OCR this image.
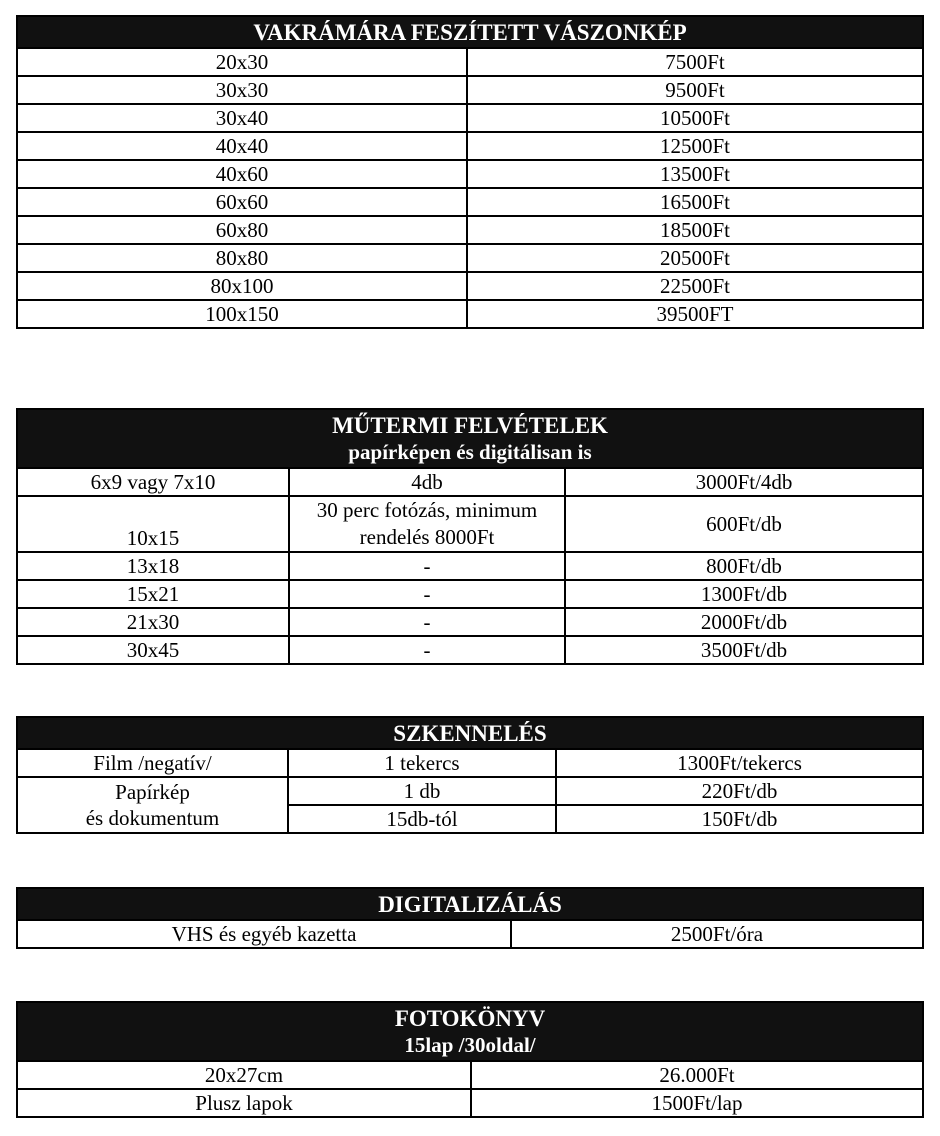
VAKRÁMÁRA FESZÍTETT VÁSZONKÉP	
20x30	7500Ft
30x30	9500Ft
30x40	10500Ft
40x40	12500Ft
40x60	13500Ft
60x60	16500Ft
60x80	18500Ft
80x80	20500Ft
80x100	22500Ft
100x150	39500FT
MŰTERMI FELVÉTELEK
papírképen és digitálisan is		

6x9 vagy 7x10	4db	3000Ft/4db
10x15	30 perc fotózás, minimum rendelés 8000Ft	600Ft/db
13x18	-	800Ft/db
15x21	-	1300Ft/db
21x30	-	2000Ft/db
30x45	-	3500Ft/db
SZKENNELÉS		
Film /negatív/	1 tekercs	1300Ft/tekercs

Papírkép
és dokumentum	1 db	220Ft/db
	15db-tól	150Ft/db
DIGITALIZÁLÁS
VHS és egyéb kazetta	2500Ft/óra
FOTOKÖNYV
15lap /30oldal/	

20x27cm	26.000Ft
Plusz lapok	1500Ft/lap
